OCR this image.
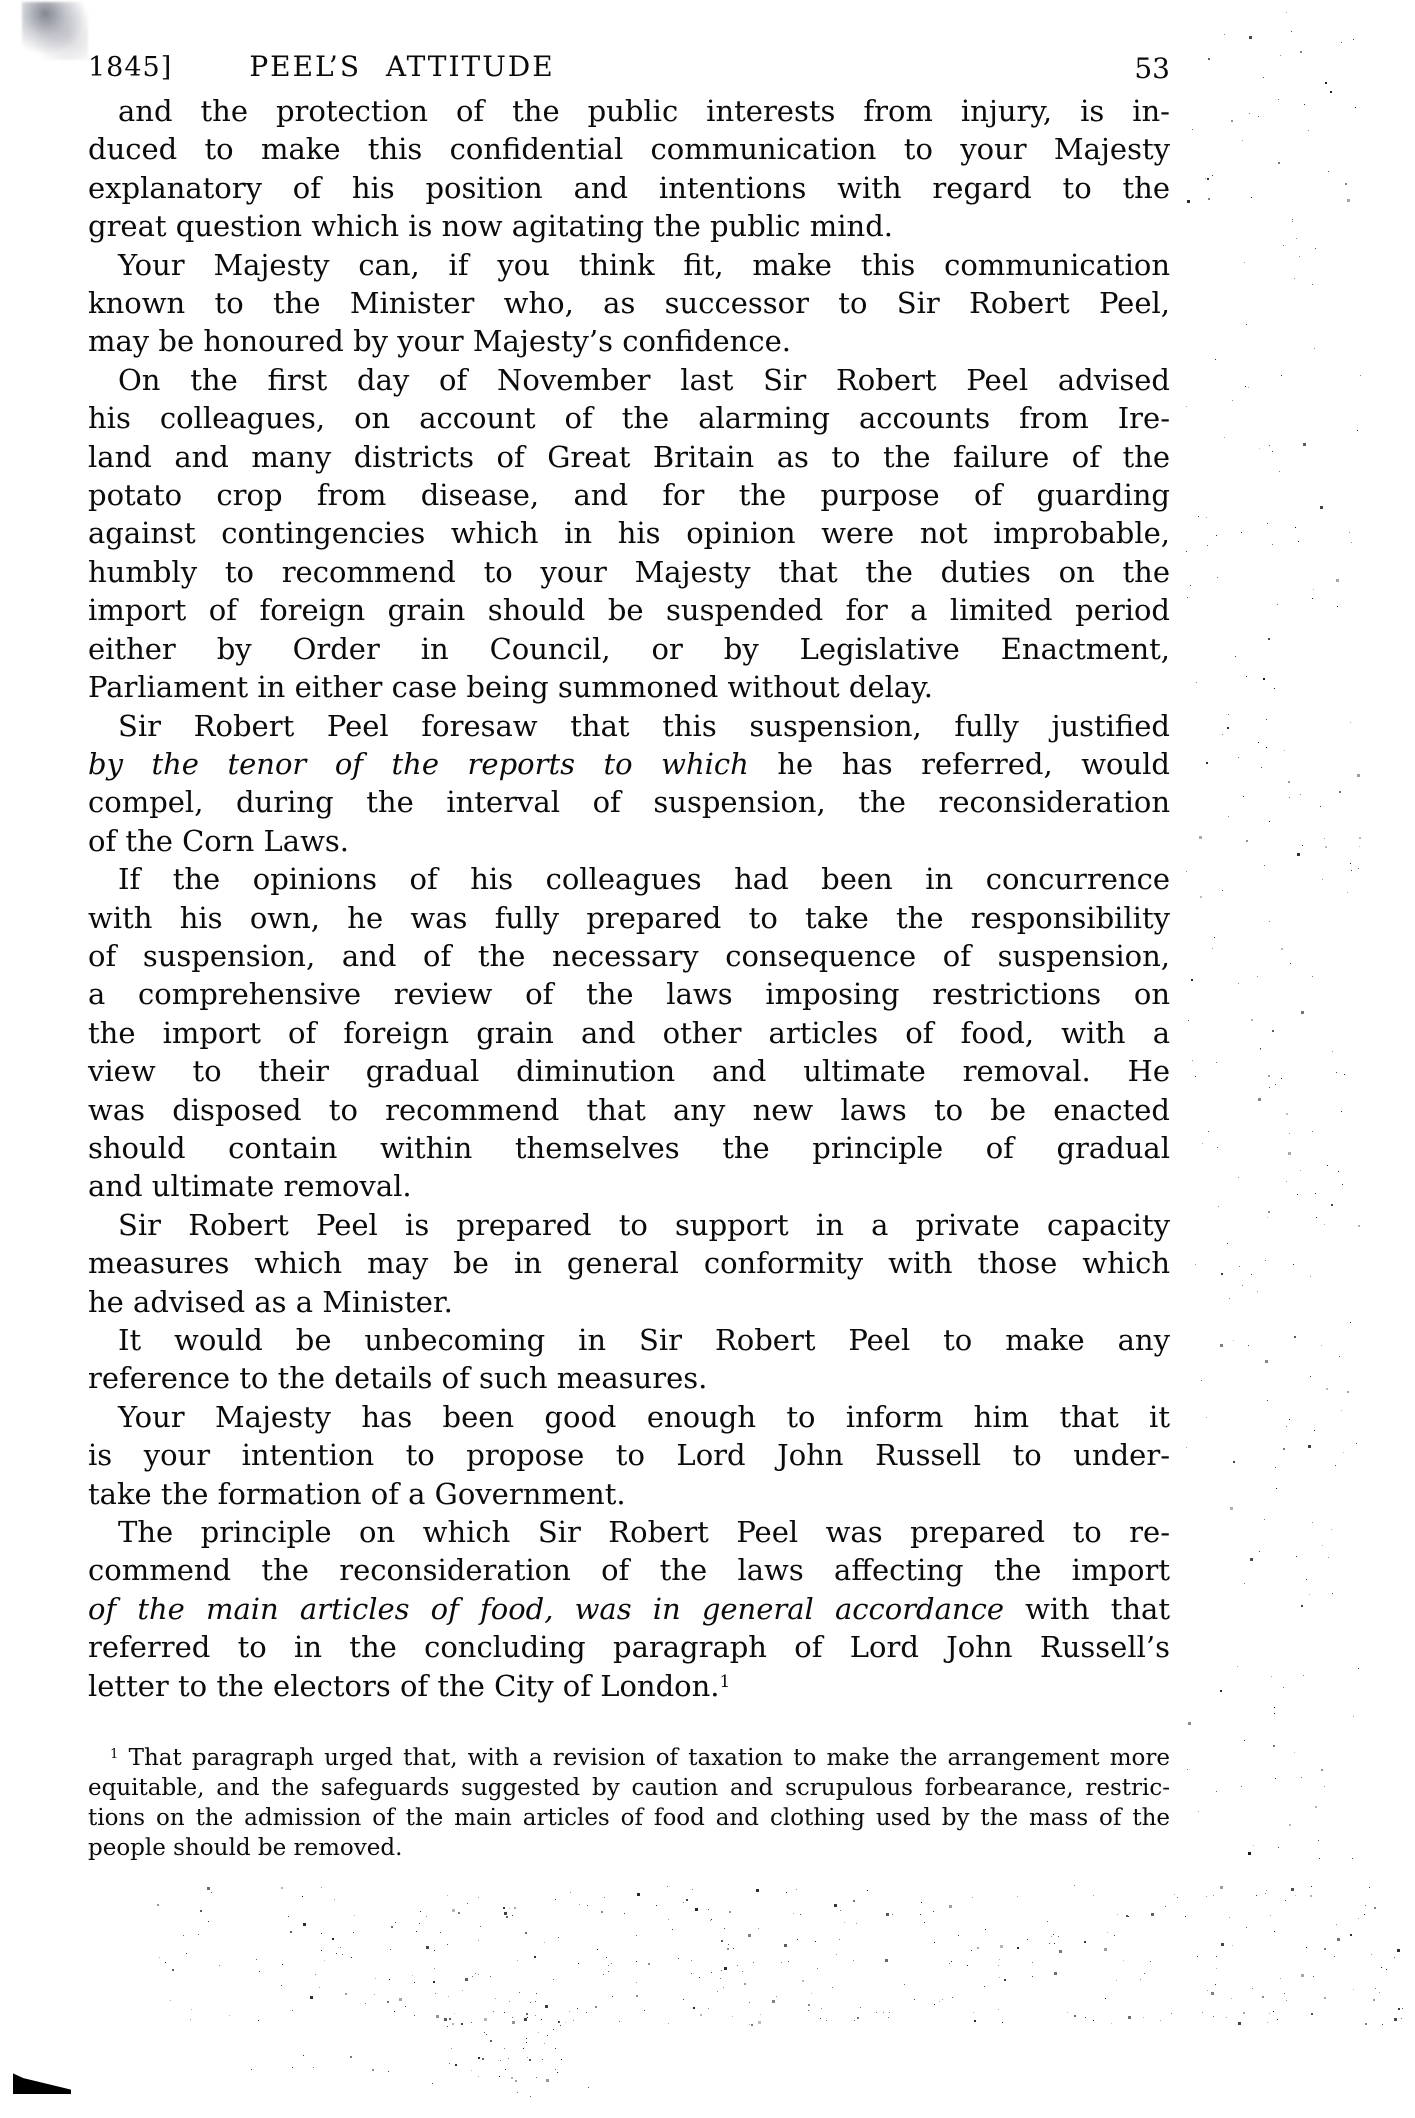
1845]	PEEL’S ATTITUDE	53
and the protection of the public interests from injury, is in-
duced to make this confidential communication to your Majesty
explanatory of his position and intentions with regard to the
great question which is now agitating the public mind.
Your Majesty can, if you think fit, make this communication
known to the Minister who, as successor to Sir Robert Peel,
may be honoured by your Majesty’s confidence.
On the first day of November last Sir Robert Peel advised
his colleagues, on account of the alarming accounts from Ire-
land and many districts of Great Britain as to the failure of the
potato crop from disease, and for the purpose of guarding
against contingencies which in his opinion were not improbable,
humbly to recommend to your Majesty that the duties on the
import of foreign grain should be suspended for a limited period
either by Order in Council, or by Legislative Enactment,
Parliament in either case being summoned without delay.
Sir Robert Peel foresaw that this suspension, fully justified
by the tenor of the reports to which he has referred, would
compel, during the interval of suspension, the reconsideration
of the Corn Laws.
If the opinions of his colleagues had been in concurrence
with his own, he was fully prepared to take the responsibility
of suspension, and of the necessary consequence of suspension,
a comprehensive review of the laws imposing restrictions on
the import of foreign grain and other articles of food, with a
view to their gradual diminution and ultimate removal. He
was disposed to recommend that any new laws to be enacted
should contain within themselves the principle of gradual
and ultimate removal.
Sir Robert Peel is prepared to support in a private capacity
measures which may be in general conformity with those which
he advised as a Minister.
It would be unbecoming in Sir Robert Peel to make any
reference to the details of such measures.
Your Majesty has been good enough to inform him that it
is your intention to propose to Lord John Russell to under-
take the formation of a Government.
The principle on which Sir Robert Peel was prepared to re-
commend the reconsideration of the laws affecting the import
of the main articles of food, was in general accordance with that
referred to in the concluding paragraph of Lord John Russell’s
letter to the electors of the City of London.$^1$
$^1$ That paragraph urged that, with a revision of taxation to make the arrangement more
equitable, and the safeguards suggested by caution and scrupulous forbearance, restric-
tions on the admission of the main articles of food and clothing used by the mass of the
people should be removed.
